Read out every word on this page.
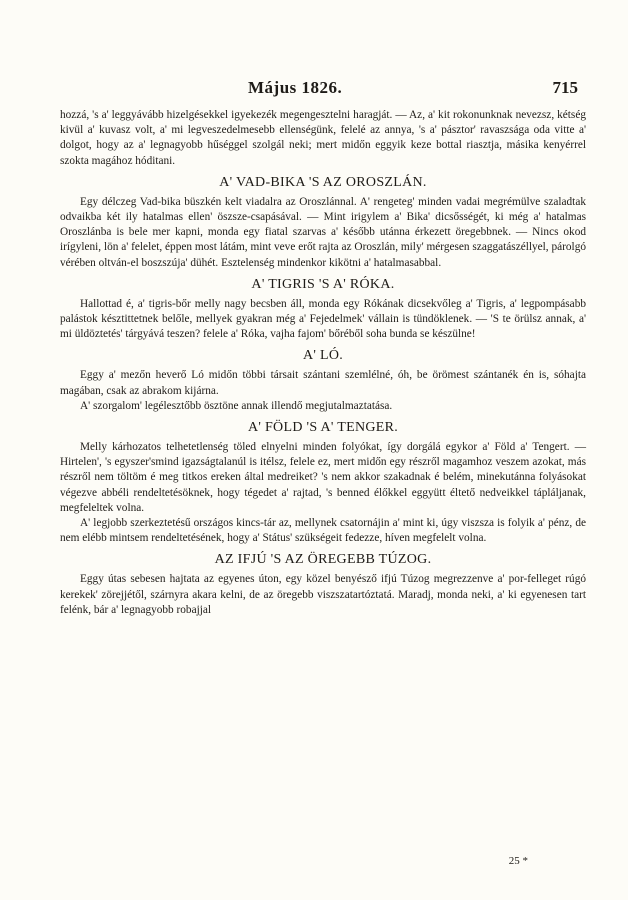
Május 1826.	715

hozzá, 's a' leggyávább hizelgésekkel igyekezék megengesztelni haragját. — Az, a' kit rokonunknak nevezsz, kétség kivül a' kuvasz volt, a' mi legveszedelmesebb ellenségünk, felelé az annya, 's a' pásztor' ravaszsága oda vitte a' dolgot, hogy az a' legnagyobb hűséggel szolgál neki; mert midőn eggyik keze bottal riasztja, másika kenyérrel szokta magához hóditani.

A' VAD-BIKA 'S AZ OROSZLÁN.

Egy délczeg Vad-bika büszkén kelt viadalra az Oroszlánnal. A' rengeteg' minden vadai megrémülve szaladtak odvaikba két ily hatalmas ellen' öszsze-csapásával. — Mint irigylem a' Bika' dicsősségét, ki még a' hatalmas Oroszlánba is bele mer kapni, monda egy fiatal szarvas a' később utánna érkezett öregebbnek. — Nincs okod irígyleni, lön a' felelet, éppen most látám, mint veve erőt rajta az Oroszlán, mily' mérgesen szaggatászéllyel, párolgó vérében oltván-el boszszúja' dühét. Esztelenség mindenkor kikötni a' hatalmasabbal.

A' TIGRIS 'S A' RÓKA.

Hallottad é, a' tigris-bőr melly nagy becsben áll, monda egy Rókának dicsekvőleg a' Tigris, a' legpompásabb palástok késztittetnek belőle, mellyek gyakran még a' Fejedelmek' vállain is tündöklenek. — 'S te örülsz annak, a' mi üldöztetés' tárgyává teszen? felele a' Róka, vajha fajom' bőréből soha bunda se készülne!

A' LÓ.

Eggy a' mezőn heverő Ló midőn többi társait szántani szemlélné, óh, be örömest szántanék én is, sóhajta magában, csak az abrakom kijárna.

A' szorgalom' legélesztőbb ösztöne annak illendő megjutalmaztatása.

A' FÖLD 'S A' TENGER.

Melly kárhozatos telhetetlenség töled elnyelni minden folyókat, így dorgálá egykor a' Föld a' Tengert. — Hirtelen', 's egyszer'smind igazságtalanúl is itélsz, felele ez, mert midőn egy részről magamhoz veszem azokat, más részről nem töltöm é meg titkos ereken által medreiket? 's nem akkor szakadnak é belém, minekutánna folyásokat végezve abbéli rendeltetésöknek, hogy tégedet a' rajtad, 's benned élőkkel eggyütt éltető nedveikkel tápláljanak, megfeleltek volna.

A' legjobb szerkeztetésű országos kincs-tár az, mellynek csatornájin a' mint ki, úgy viszsza is folyik a' pénz, de nem elébb mintsem rendeltetésének, hogy a' Státus' szükségeit fedezze, híven megfelelt volna.

AZ IFJÚ 'S AZ ÖREGEBB TÚZOG.

Eggy útas sebesen hajtata az egyenes úton, egy közel benyésző ifjú Túzog megrezzenve a' por-felleget rúgó kerekek' zörejjétől, szárnyra akara kelni, de az öregebb viszszatartóztatá. Maradj, monda neki, a' ki egyenesen tart felénk, bár a' legnagyobb robajjal

25 *
